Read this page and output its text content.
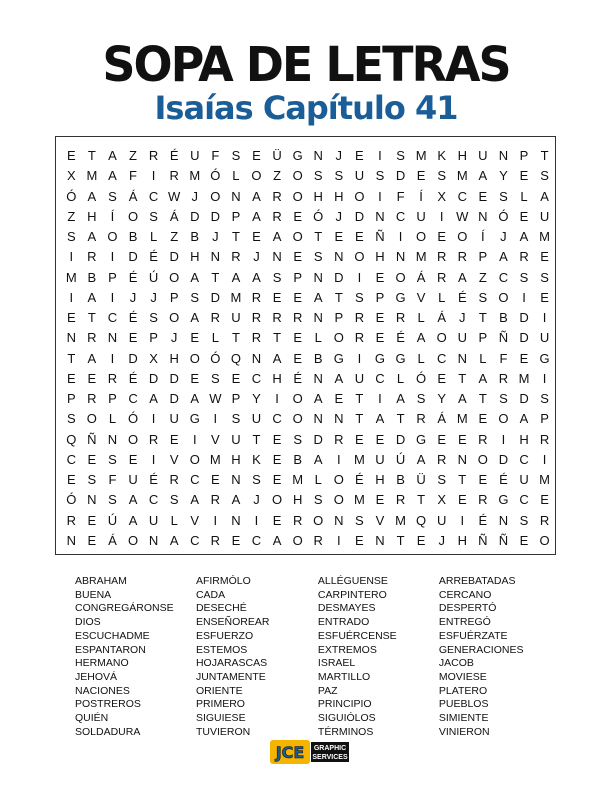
SOPA DE LETRAS
Isaías Capítulo 41
E T A Z R É U F S E Ü G N J	E	I	S M K H U N P T
X M A F	I	R M Ó L O Z O S S U S D E S M A Y E S
Ó A S Á C W J O N A R O H H O	I	F	Í	X C E S L A
Z H	Í	O S Á D D P A R E Ó J D N C U	I W N Ó E U
S A O B L Z B J	T E A O T E E Ñ	I	O E O	Í	J	A M
I	R	I	D É D H N R J N E S N O H N M R R P A R E
M B P É Ú O A T A A S P N D	I	E O Á R A Z C S S
I	A	I	J	J	P S D M R E E A T S P G V L É S O	I	E
E T C É S O A R U R R R N P R E R L Á J	T B D	I
N R N E P J	E L T R T E L O R E É A O U P Ñ D U
T A	I	D X H O Ó Q N A E B G	I	G G L C N L F E G
E E R É D D E S E C H É N A U C L Ó E T A R M	I
P R P C A D A W P Y	I	O A E T	I	A S Y A T S D S
S O L Ó	I	U G	I	S U C O N N T A T R Á M E O A P
Q Ñ N O R E	I	V U T E S D R E E D G E E R	I	H R
C E S E	I	V O M H K E B A	I	M U Ú A R N O D C	I
E S F U É R C E N S E M L O É H B Ü S T E É U M
Ó N S A C S A R A J O H S O M E R T X E R G C E
R E Ú A U L V	I	N	I	E R O N S V M Q U	I	É N S R
N E Á O N A C R E C A O R	I	E N T E J H Ñ Ñ E O
ABRAHAM
BUENA
CONGREGÁRONSE
DIOS
ESCUCHADME
ESPANTARON
HERMANO
JEHOVÁ
NACIONES
POSTREROS
QUIÉN
SOLDADURA
AFIRMÓLO
CADA
DESECHÉ
ENSEÑOREAR
ESFUERZO
ESTEMOS
HOJARASCAS
JUNTAMENTE
ORIENTE
PRIMERO
SIGUIESE
TUVIERON
ALLÉGUENSE
CARPINTERO
DESMAYES
ENTRADO
ESFUÉRCENSE
EXTREMOS
ISRAEL
MARTILLO
PAZ
PRINCIPIO
SIGUIÓLOS
TÉRMINOS
ARREBATADAS
CERCANO
DESPERTÓ
ENTREGÓ
ESFUÉRZATE
GENERACIONES
JACOB
MOVIESE
PLATERO
PUEBLOS
SIMIENTE
VINIERON
JCE GRAPHIC
SERVICES
